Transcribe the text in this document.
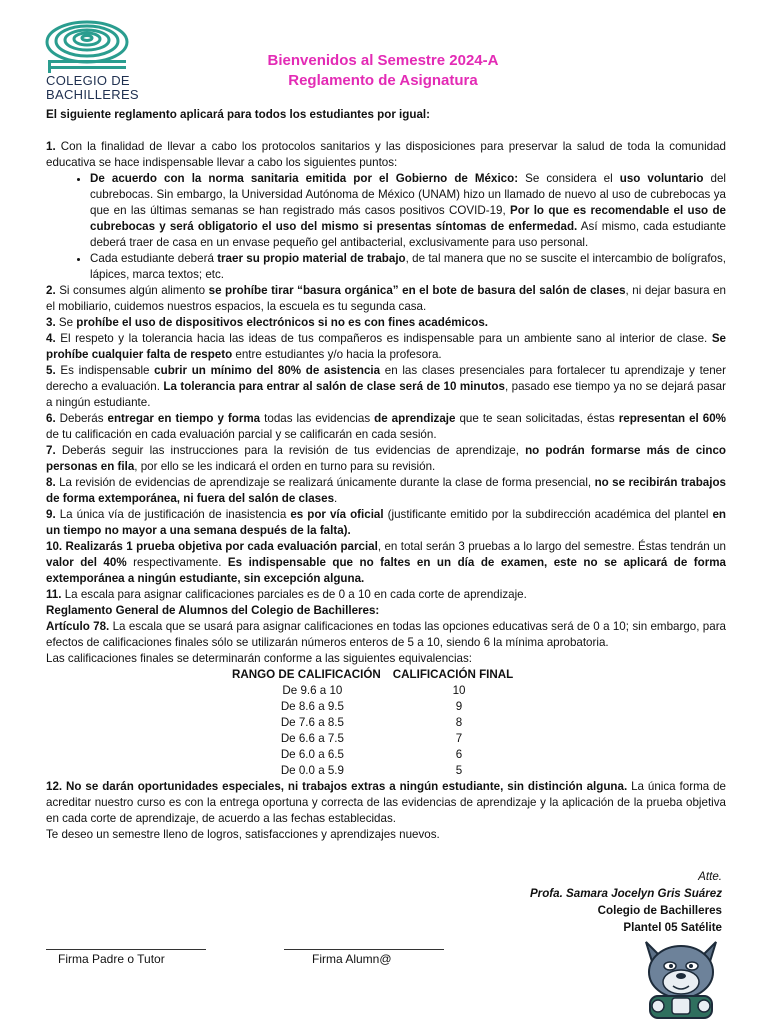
COLEGIO DE
BACHILLERES
Bienvenidos al Semestre 2024-A
Reglamento de Asignatura

El siguiente reglamento aplicará para todos los estudiantes por igual:

1. Con la finalidad de llevar a cabo los protocolos sanitarios y las disposiciones para preservar la salud de toda la comunidad educativa se hace indispensable llevar a cabo los siguientes puntos:

• De acuerdo con la norma sanitaria emitida por el Gobierno de México: Se considera el uso voluntario del cubrebocas. Sin embargo, la Universidad Autónoma de México (UNAM) hizo un llamado de nuevo al uso de cubrebocas ya que en las últimas semanas se han registrado más casos positivos COVID-19, Por lo que es recomendable el uso de cubrebocas y será obligatorio el uso del mismo si presentas síntomas de enfermedad. Así mismo, cada estudiante deberá traer de casa en un envase pequeño gel antibacterial, exclusivamente para uso personal.
• Cada estudiante deberá traer su propio material de trabajo, de tal manera que no se suscite el intercambio de bolígrafos, lápices, marca textos; etc.

2. Si consumes algún alimento se prohíbe tirar “basura orgánica” en el bote de basura del salón de clases, ni dejar basura en el mobiliario, cuidemos nuestros espacios, la escuela es tu segunda casa.

3. Se prohíbe el uso de dispositivos electrónicos si no es con fines académicos.

4. El respeto y la tolerancia hacia las ideas de tus compañeros es indispensable para un ambiente sano al interior de clase. Se prohíbe cualquier falta de respeto entre estudiantes y/o hacia la profesora.

5. Es indispensable cubrir un mínimo del 80% de asistencia en las clases presenciales para fortalecer tu aprendizaje y tener derecho a evaluación. La tolerancia para entrar al salón de clase será de 10 minutos, pasado ese tiempo ya no se dejará pasar a ningún estudiante.

6. Deberás entregar en tiempo y forma todas las evidencias de aprendizaje que te sean solicitadas, éstas representan el 60% de tu calificación en cada evaluación parcial y se calificarán en cada sesión.

7. Deberás seguir las instrucciones para la revisión de tus evidencias de aprendizaje, no podrán formarse más de cinco personas en fila, por ello se les indicará el orden en turno para su revisión.

8. La revisión de evidencias de aprendizaje se realizará únicamente durante la clase de forma presencial, no se recibirán trabajos de forma extemporánea, ni fuera del salón de clases.

9. La única vía de justificación de inasistencia es por vía oficial (justificante emitido por la subdirección académica del plantel en un tiempo no mayor a una semana después de la falta).

10. Realizarás 1 prueba objetiva por cada evaluación parcial, en total serán 3 pruebas a lo largo del semestre. Éstas tendrán un valor del 40% respectivamente. Es indispensable que no faltes en un día de examen, este no se aplicará de forma extemporánea a ningún estudiante, sin excepción alguna.

11. La escala para asignar calificaciones parciales es de 0 a 10 en cada corte de aprendizaje.

Reglamento General de Alumnos del Colegio de Bachilleres:

Artículo 78. La escala que se usará para asignar calificaciones en todas las opciones educativas será de 0 a 10; sin embargo, para efectos de calificaciones finales sólo se utilizarán números enteros de 5 a 10, siendo 6 la mínima aprobatoria.

Las calificaciones finales se determinarán conforme a las siguientes equivalencias:

RANGO DE CALIFICACIÓN	CALIFICACIÓN FINAL
De 9.6 a 10	10
De 8.6 a 9.5	9
De 7.6 a 8.5	8
De 6.6 a 7.5	7
De 6.0 a 6.5	6
De 0.0 a 5.9	5

12. No se darán oportunidades especiales, ni trabajos extras a ningún estudiante, sin distinción alguna. La única forma de acreditar nuestro curso es con la entrega oportuna y correcta de las evidencias de aprendizaje y la aplicación de la prueba objetiva en cada corte de aprendizaje, de acuerdo a las fechas establecidas.

Te deseo un semestre lleno de logros, satisfacciones y aprendizajes nuevos.

Atte.
Profa. Samara Jocelyn Gris Suárez
Colegio de Bachilleres
Plantel 05 Satélite
Firma Padre o Tutor	Firma Alumn@
